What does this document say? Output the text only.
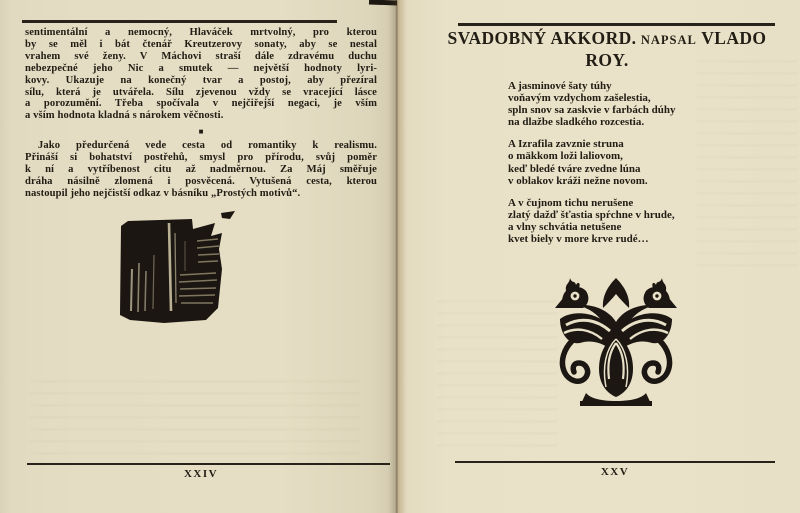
sentimentální a nemocný, Hlaváček mrtvolný, pro kterou
by se měl i bát čtenář Kreutzerovy sonaty, aby se nestal
vrahem své ženy. V Máchovi straší dále zdravému duchu
nebezpečné jeho Nic a smutek — největší hodnoty lyri-
kovy. Ukazuje na konečný tvar a postoj, aby přezíral
sílu, která je utvářela. Sílu zjevenou vždy se vracející lásce
a porozumění. Třeba spočívala v nejčiřejší negaci, je vším
a vším hodnota kladná s nárokem věčnosti.
■
Jako předurčená vede cesta od romantiky k realismu.
Přináší si bohatství postřehů, smysl pro přírodu, svůj poměr
k ní a vytříbenost citu až nadměrnou. Za Máj směřuje
dráha násilně zlomená i posvěcená. Vytušená cesta, kterou
nastoupil jeho nejčistší odkaz v básníku „Prostých motivů“.
XXIV
SVADOBNÝ AKKORD. NAPSAL VLADO
ROY.
A jasminové šaty túhy
voňavým vzdychom zašelestia,
spln snov sa zaskvie v farbách dúhy
na dlažbe sladkého rozcestia.
A Izrafila zavznie struna
o mäkkom loži laliovom,
keď bledé tváre zvedne lúna
v oblakov kráži nežne novom.
A v čujnom tichu nerušene
zlatý dažď šťastia spŕchne v hrude,
a vlny schvátia netušene
kvet biely v more krve rudé…
XXV
